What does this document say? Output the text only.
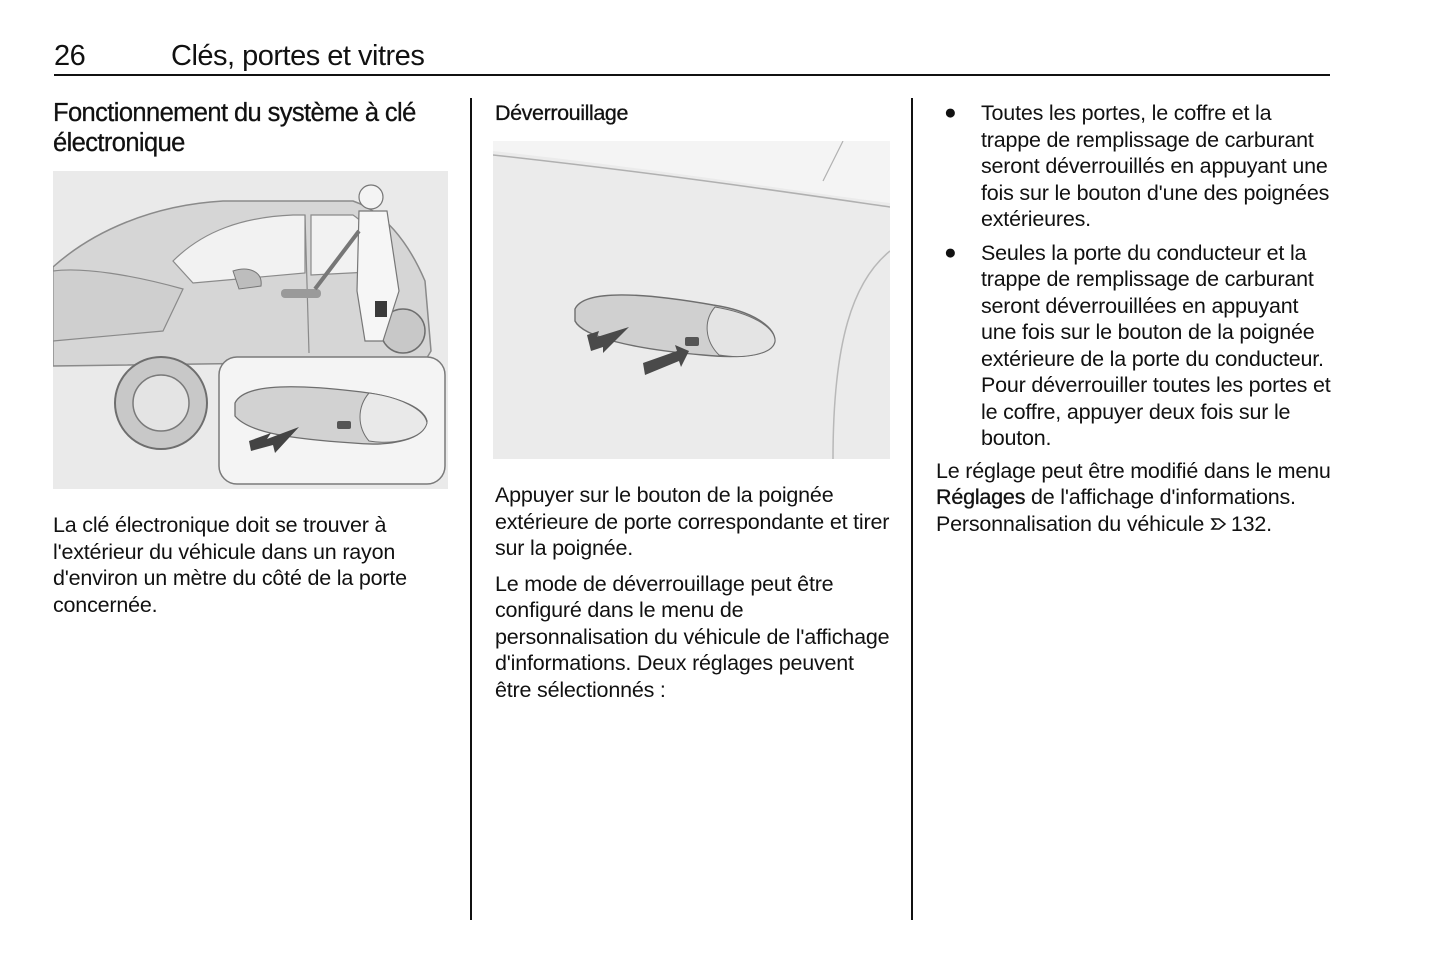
26	Clés, portes et vitres
Fonctionnement du système à clé électronique

La clé électronique doit se trouver à l'extérieur du véhicule dans un rayon d'environ un mètre du côté de la porte concernée.

Déverrouillage

Appuyer sur le bouton de la poignée extérieure de porte correspondante et tirer sur la poignée.

Le mode de déverrouillage peut être configuré dans le menu de personnalisation du véhicule de l'affichage d'informations. Deux réglages peuvent être sélectionnés :

● Toutes les portes, le coffre et la trappe de remplissage de carburant seront déverrouillés en appuyant une fois sur le bouton d'une des poignées extérieures.

● Seules la porte du conducteur et la trappe de remplissage de carburant seront déverrouillées en appuyant une fois sur le bouton de la poignée extérieure de la porte du conducteur. Pour déverrouiller toutes les portes et le coffre, appuyer deux fois sur le bouton.

Le réglage peut être modifié dans le menu Réglages de l'affichage d'informations. Personnalisation du véhicule 132.
